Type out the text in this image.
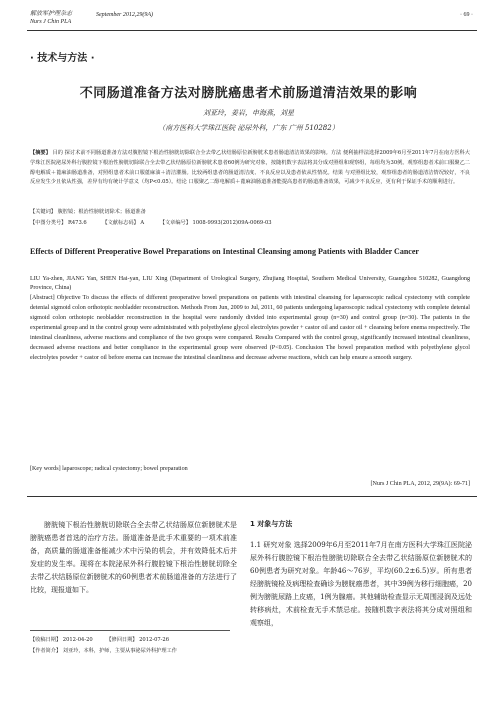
解放军护理杂志
Nurs J Chin PLA
September 2012,29(9A)	· 69 ·
· 技术与方法 ·
不同肠道准备方法对膀胱癌患者术前肠道清洁效果的影响
刘亚玲，姜岩，申海燕，刘星
（南方医科大学珠江医院 泌尿外科，广东 广州 510282）
【摘要】 目的 探讨术前不同肠道准备方法对腹腔镜下根治性膀胱切除联合全去带乙状结肠原位新膀胱术患者肠道清洁效果的影响。方法 便利抽样法选择2009年6月至2011年7月在南方医科大学珠江医院泌尿外科行腹腔镜下根治性膀胱切除联合全去带乙状结肠原位新膀胱术患者60例为研究对象，按随机数字表法将其分成对照组和观察组，每组均为30例。观察组患者术前口服聚乙二醇电解质＋蓖麻油肠道准备，对照组患者术前口服蓖麻油＋清洁灌肠。比较两组患者的肠道清洁度、不良反应以及患者依从性情况。结果 与对照组比较，观察组患者的肠道清洁情况较好，不良反应发生少且依从性强，差异有均有统计学意义（均P<0.05）。结论 口服聚乙二醇电解质＋蓖麻油肠道准备能提高患者的肠道准备效果，可减少不良反应，更有利于保证手术的顺利进行。
【关键词】 腹腔镜；根治性膀胱切除术；肠道准备
【中图分类号】 R473.6	【文献标志码】 A	【文章编号】 1008-9993(2012)09A-0069-03
Effects of Different Preoperative Bowel Preparations on Intestinal Cleansing among Patients with Bladder Cancer
LIU Ya-zhen, JIANG Yan, SHEN Hai-yan, LIU Xing (Department of Urological Surgery, Zhujiang Hospital, Southern Medical University, Guangzhou 510282, Guangdong Province, China)
[Abstract] Objective To discuss the effects of different preoperative bowel preparations on patients with intestinal cleansing for laparoscopic radical cystectomy with complete detenial sigmoid colon orthotopic neobladder reconstruction. Methods From Jun, 2009 to Jul, 2011, 60 patients undergoing laparoscopic radical cystectomy with complete detenial sigmoid colon orthotopic neobladder reconstruction in the hospital were randomly divided into experimental group (n=30) and control group (n=30). The patients in the experimental group and in the control group were administrated with polyethylene glycol electrolytes powder + castor oil and castor oil + cleansing before enema respectively. The intestinal cleanliness, adverse reactions and compliance of the two groups were compared. Results Compared with the control group, significantly increased intestinal cleanliness, decreased adverse reactions and better compliance in the experimental group were observed (P<0.05). Conclusion The bowel preparation method with polyethylene glycol electrolytes powder + castor oil before enema can increase the intestinal cleanliness and decrease adverse reactions, which can help ensure a smooth surgery.
[Key words] laparoscope; radical cystectomy; bowel preparation
[Nurs J Chin PLA, 2012, 29(9A): 69-71]
膀胱镜下根治性膀胱切除联合全去带乙状结肠原位新膀胱术是膀胱癌患者首选的治疗方法。肠道准备是此手术重要的一项术前准备，高质量的肠道准备能减少术中污染的机会，并有效降低术后并发症的发生率。现将在本院泌尿外科行腹腔镜下根治性膀胱切除全去带乙状结肠原位新膀胱术的60例患者术前肠道准备的方法进行了比较，现报道如下。
1 对象与方法
1.1 研究对象 选择2009年6月至2011年7月在南方医科大学珠江医院泌尿外科行腹腔镜下根治性膀胱切除联合全去带乙状结肠原位新膀胱术的60例患者为研究对象。年龄46～76岁，平均(60.2±6.5)岁。所有患者经膀胱镜检及病理检查确诊为膀胱癌患者，其中39例为移行细胞癌，20例为膀胱尿路上皮癌，1例为腺癌。其他辅助检查显示无周围浸润及远处转移病灶，术前检查无手术禁忌症。按随机数字表法将其分成对照组和观察组，
【收稿日期】 2012-04-20	【修回日期】 2012-07-26
【作者简介】 刘亚玲，本科，护师，主要从事泌尿外科护理工作
